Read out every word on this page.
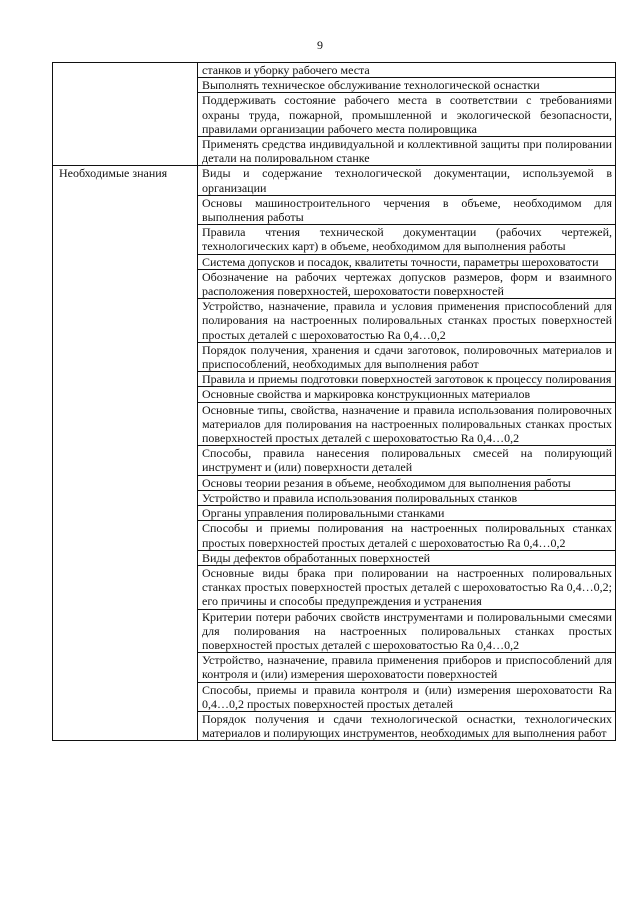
9
	станков и уборку рабочего места
	Выполнять техническое обслуживание технологической оснастки
	Поддерживать состояние рабочего места в соответствии с требованиями охраны труда, пожарной, промышленной и экологической безопасности, правилами организации рабочего места полировщика
	Применять средства индивидуальной и коллективной защиты при полировании детали на полировальном станке
Необходимые знания	Виды и содержание технологической документации, используемой в организации
	Основы машиностроительного черчения в объеме, необходимом для выполнения работы
	Правила чтения технической документации (рабочих чертежей, технологических карт) в объеме, необходимом для выполнения работы
	Система допусков и посадок, квалитеты точности, параметры шероховатости
	Обозначение на рабочих чертежах допусков размеров, форм и взаимного расположения поверхностей, шероховатости поверхностей
	Устройство, назначение, правила и условия применения приспособлений для полирования на настроенных полировальных станках простых поверхностей простых деталей с шероховатостью Ra 0,4…0,2
	Порядок получения, хранения и сдачи заготовок, полировочных материалов и приспособлений, необходимых для выполнения работ
	Правила и приемы подготовки поверхностей заготовок к процессу полирования
	Основные свойства и маркировка конструкционных материалов
	Основные типы, свойства, назначение и правила использования полировочных материалов для полирования на настроенных полировальных станках простых поверхностей простых деталей с шероховатостью Ra 0,4…0,2
	Способы, правила нанесения полировальных смесей на полирующий инструмент и (или) поверхности деталей
	Основы теории резания в объеме, необходимом для выполнения работы
	Устройство и правила использования полировальных станков
	Органы управления полировальными станками
	Способы и приемы полирования на настроенных полировальных станках простых поверхностей простых деталей с шероховатостью Ra 0,4…0,2
	Виды дефектов обработанных поверхностей
	Основные виды брака при полировании на настроенных полировальных станках простых поверхностей простых деталей с шероховатостью Ra 0,4…0,2; его причины и способы предупреждения и устранения
	Критерии потери рабочих свойств инструментами и полировальными смесями для полирования на настроенных полировальных станках простых поверхностей простых деталей с шероховатостью Ra 0,4…0,2
	Устройство, назначение, правила применения приборов и приспособлений для контроля и (или) измерения шероховатости поверхностей
	Способы, приемы и правила контроля и (или) измерения шероховатости Ra 0,4…0,2 простых поверхностей простых деталей
	Порядок получения и сдачи технологической оснастки, технологических материалов и полирующих инструментов, необходимых для выполнения работ
